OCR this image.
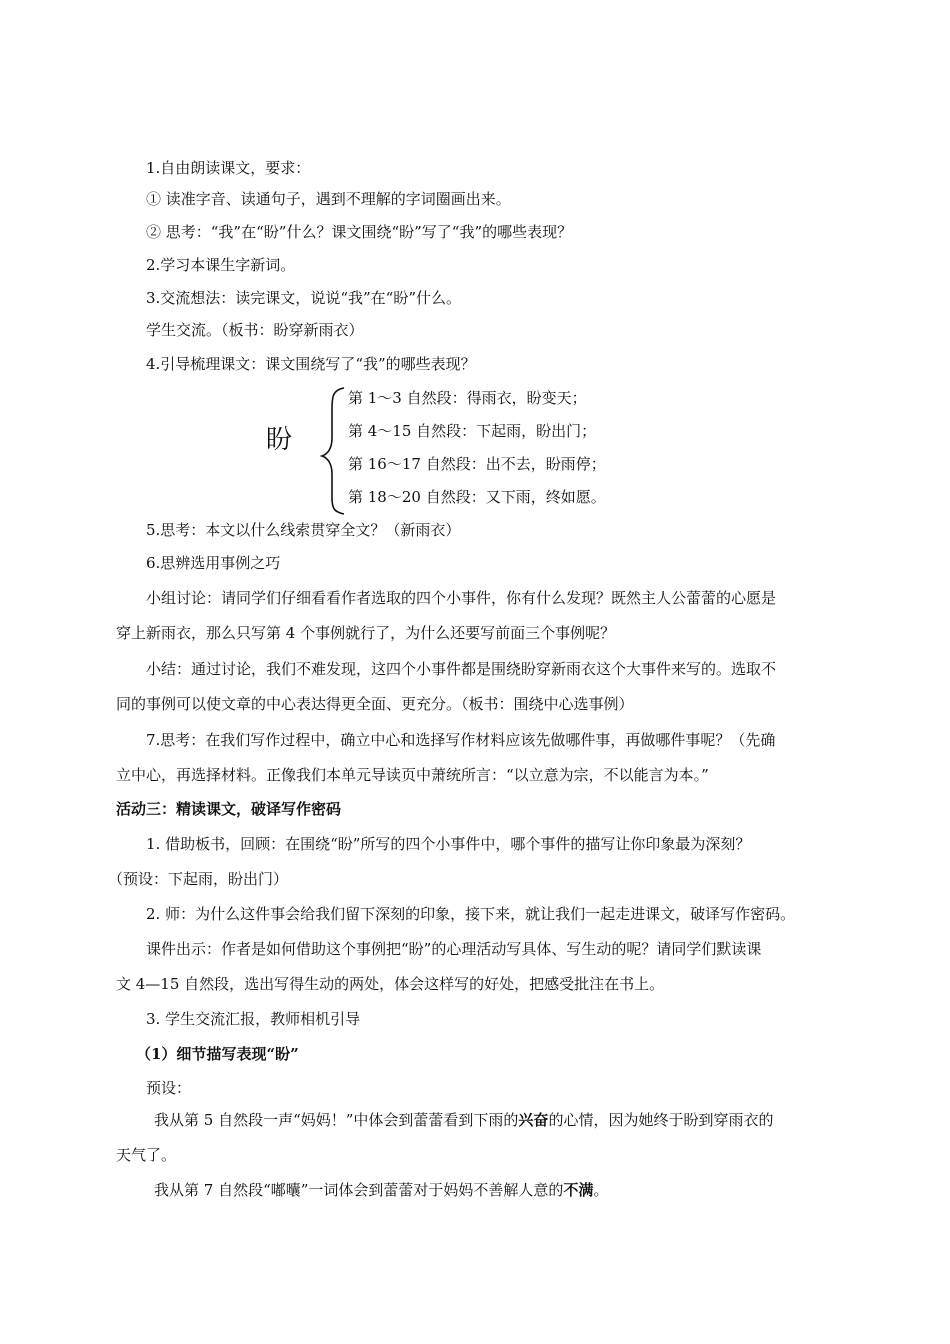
1.自由朗读课文，要求：
① 读准字音、读通句子，遇到不理解的字词圈画出来。
② 思考：“我”在“盼”什么？课文围绕“盼”写了“我”的哪些表现？
2.学习本课生字新词。
3.交流想法：读完课文，说说“我”在“盼”什么。
学生交流。（板书：盼穿新雨衣）
4.引导梳理课文：课文围绕写了“我”的哪些表现？
盼
第 1～3 自然段：得雨衣，盼变天；
第 4～15 自然段：下起雨，盼出门；
第 16～17 自然段：出不去，盼雨停；
第 18～20 自然段：又下雨，终如愿。
5.思考：本文以什么线索贯穿全文？（新雨衣）
6.思辨选用事例之巧
小组讨论：请同学们仔细看看作者选取的四个小事件，你有什么发现？既然主人公蕾蕾的心愿是
穿上新雨衣，那么只写第 4 个事例就行了，为什么还要写前面三个事例呢？
小结：通过讨论，我们不难发现，这四个小事件都是围绕盼穿新雨衣这个大事件来写的。选取不
同的事例可以使文章的中心表达得更全面、更充分。（板书：围绕中心选事例）
7.思考：在我们写作过程中，确立中心和选择写作材料应该先做哪件事，再做哪件事呢？（先确
立中心，再选择材料。正像我们本单元导读页中萧统所言：“以立意为宗，不以能言为本。”
活动三：精读课文，破译写作密码
1. 借助板书，回顾：在围绕“盼”所写的四个小事件中，哪个事件的描写让你印象最为深刻？
（预设：下起雨，盼出门）
2. 师：为什么这件事会给我们留下深刻的印象，接下来，就让我们一起走进课文，破译写作密码。
课件出示：作者是如何借助这个事例把“盼”的心理活动写具体、写生动的呢？请同学们默读课
文 4—15 自然段，选出写得生动的两处，体会这样写的好处，把感受批注在书上。
3. 学生交流汇报，教师相机引导
（1）细节描写表现“盼”
预设：
我从第 5 自然段一声“妈妈！”中体会到蕾蕾看到下雨的兴奋的心情，因为她终于盼到穿雨衣的
天气了。
我从第 7 自然段“嘟囔”一词体会到蕾蕾对于妈妈不善解人意的不满。
